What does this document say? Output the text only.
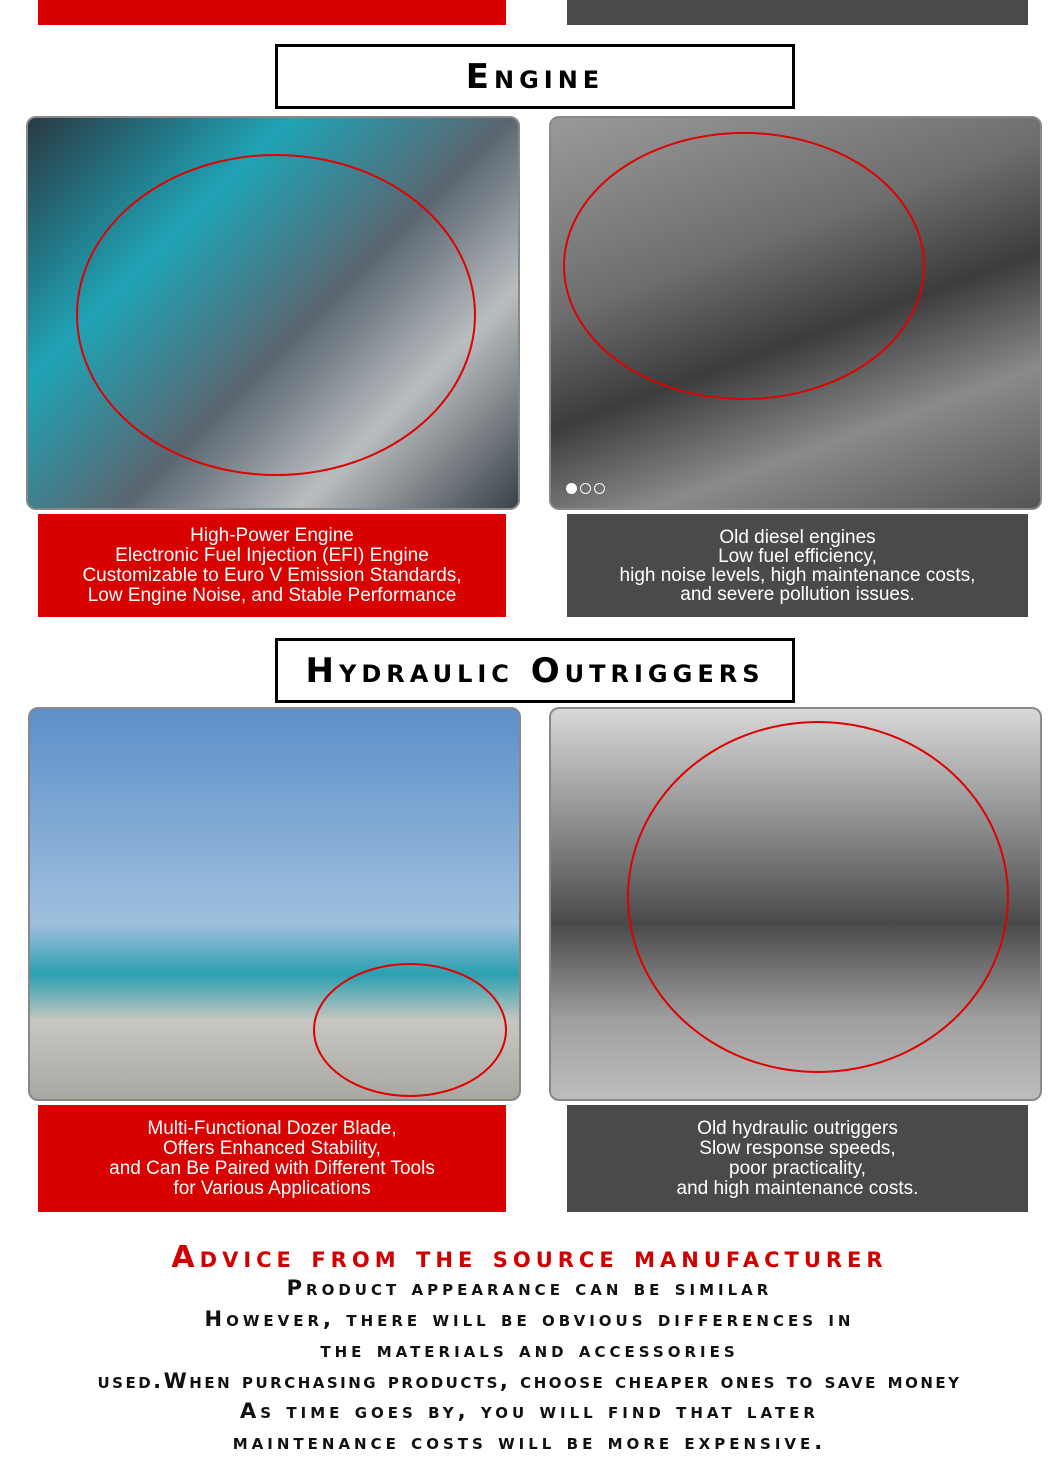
Engine
High-Power Engine
Electronic Fuel Injection (EFI) Engine
Customizable to Euro V Emission Standards,
Low Engine Noise, and Stable Performance
Old diesel engines
Low fuel efficiency,
high noise levels, high maintenance costs,
and severe pollution issues.
Hydraulic Outriggers
Multi-Functional Dozer Blade,
Offers Enhanced Stability,
and Can Be Paired with Different Tools
for Various Applications
Old hydraulic outriggers
Slow response speeds,
poor practicality,
and high maintenance costs.
Advice from the source manufacturer
Product appearance can be similar
However, there will be obvious differences in
the materials and accessories
used.When purchasing products, choose cheaper ones to save money
As time goes by, you will find that later
maintenance costs will be more expensive.
